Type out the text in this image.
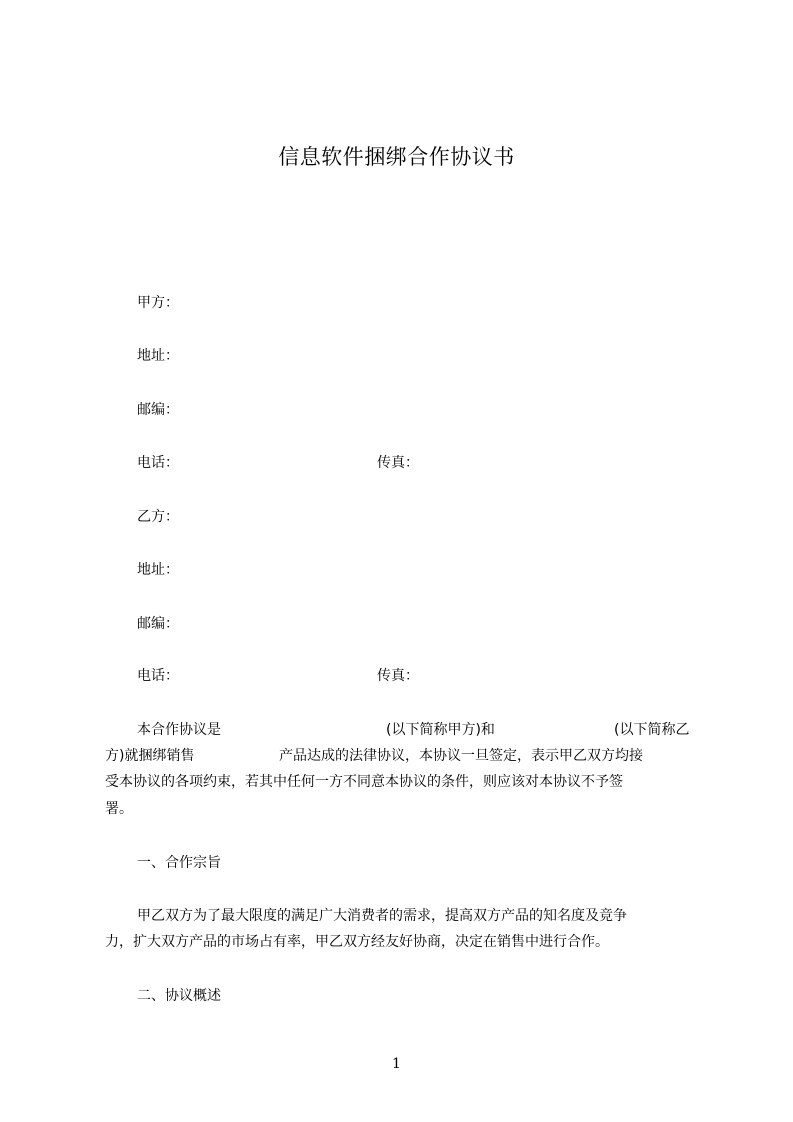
信息软件捆绑合作协议书
甲方：
地址：
邮编：
电话：	传真：
乙方：
地址：
邮编：
电话：	传真：
本合作协议是	(以下简称甲方)和	(以下简称乙
方)就捆绑销售	产品达成的法律协议，本协议一旦签定，表示甲乙双方均接
受本协议的各项约束，若其中任何一方不同意本协议的条件，则应该对本协议不予签
署。
一、合作宗旨
甲乙双方为了最大限度的满足广大消费者的需求，提高双方产品的知名度及竞争
力，扩大双方产品的市场占有率，甲乙双方经友好协商，决定在销售中进行合作。
二、协议概述
1
